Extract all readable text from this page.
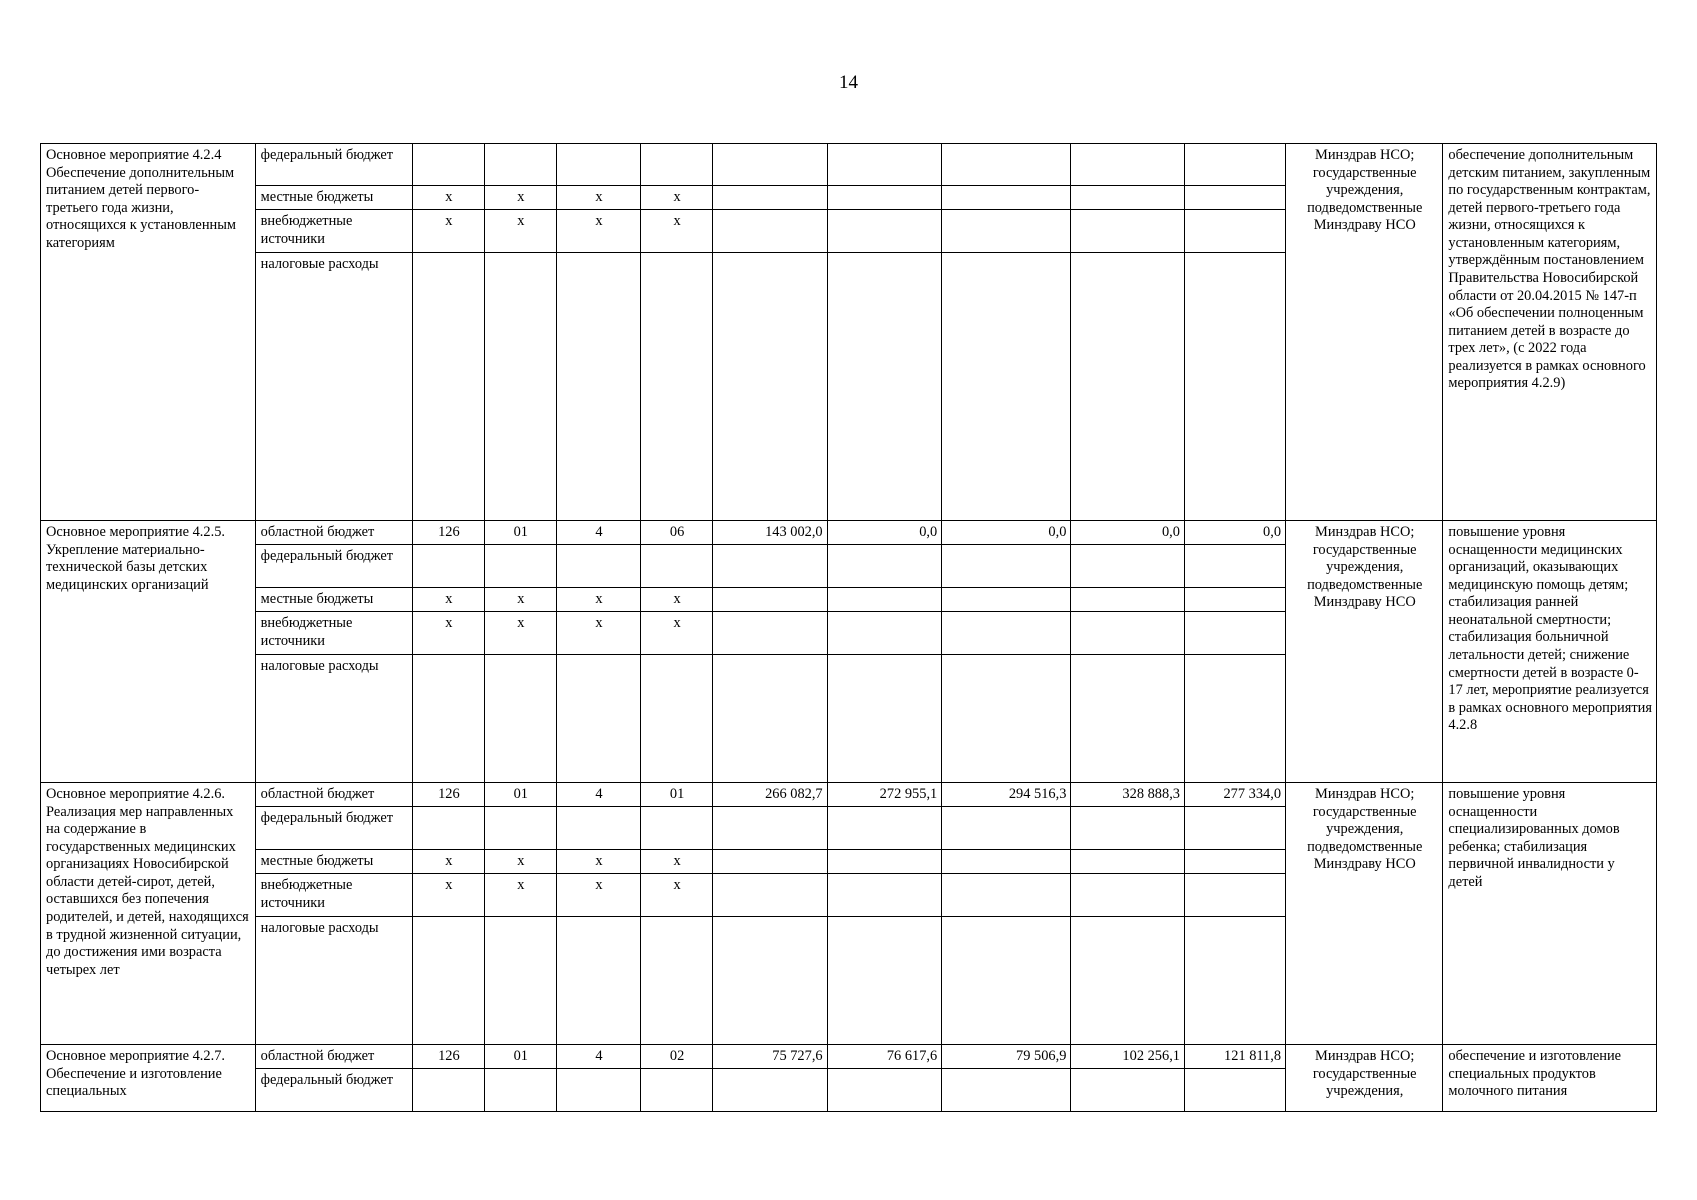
14
Основное мероприятие 4.2.4 Обеспечение дополнительным питанием детей первого-третьего года жизни, относящихся к установленным категориям	федеральный бюджет										Минздрав НСО; государственные учреждения, подведомственные Минздраву НСО	обеспечение дополнительным детским питанием, закупленным по государственным контрактам, детей первого-третьего года жизни, относящихся к установленным категориям, утверждённым постановлением Правительства Новосибирской области от 20.04.2015 № 147-п «Об обеспечении полноценным питанием детей в возрасте до трех лет», (с 2022 года реализуется в рамках основного мероприятия 4.2.9)
	местные бюджеты	x	x	x	x							
	внебюджетные источники	x	x	x	x							
	налоговые расходы											
Основное мероприятие 4.2.5. Укрепление материально-технической базы детских медицинских организаций	областной бюджет	126	01	4	06	143 002,0	0,0	0,0	0,0	0,0	Минздрав НСО; государственные учреждения, подведомственные Минздраву НСО	повышение уровня оснащенности медицинских организаций, оказывающих медицинскую помощь детям; стабилизация ранней неонатальной смертности; стабилизация больничной летальности детей; снижение смертности детей в возрасте 0-17 лет, мероприятие реализуется в рамках основного мероприятия 4.2.8
	федеральный бюджет											
	местные бюджеты	x	x	x	x							
	внебюджетные источники	x	x	x	x							
	налоговые расходы											
Основное мероприятие 4.2.6. Реализация мер направленных на содержание в государственных медицинских организациях Новосибирской области детей-сирот, детей, оставшихся без попечения родителей, и детей, находящихся в трудной жизненной ситуации, до достижения ими возраста четырех лет	областной бюджет	126	01	4	01	266 082,7	272 955,1	294 516,3	328 888,3	277 334,0	Минздрав НСО; государственные учреждения, подведомственные Минздраву НСО	повышение уровня оснащенности специализированных домов ребенка; стабилизация первичной инвалидности у детей
	федеральный бюджет											
	местные бюджеты	x	x	x	x							
	внебюджетные источники	x	x	x	x							
	налоговые расходы											
Основное мероприятие 4.2.7. Обеспечение и изготовление специальных	областной бюджет	126	01	4	02	75 727,6	76 617,6	79 506,9	102 256,1	121 811,8	Минздрав НСО; государственные учреждения,	обеспечение и изготовление специальных продуктов молочного питания
	федеральный бюджет											
